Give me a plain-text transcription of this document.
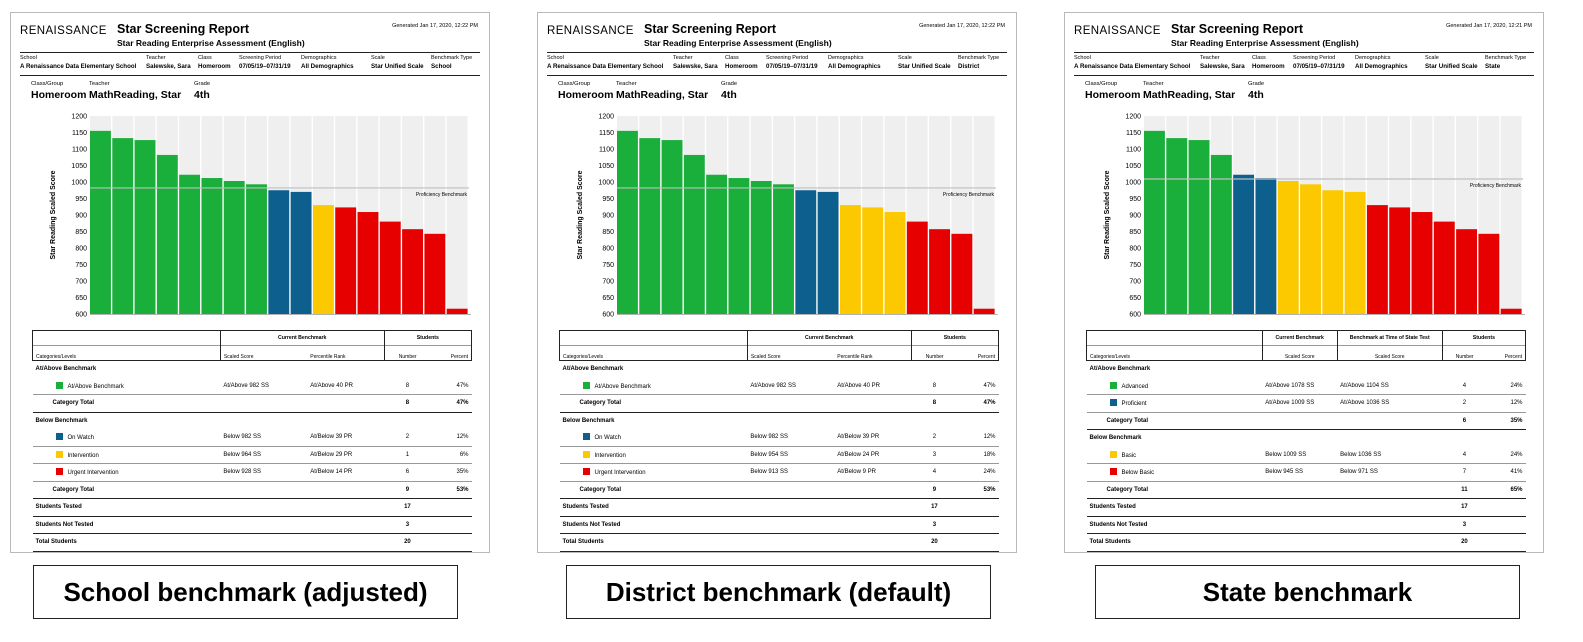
RENAISSANCE Star Screening Report
Star Reading Enterprise Assessment (English)
Generated Jan 17, 2020, 12:22 PM
School
A Renaissance Data Elementary School
Teacher
Salewske, Sara
Class
Homeroom
Screening Period
07/05/19–07/31/19
Demographics
All Demographics
Scale
Star Unified Scale
Benchmark Type
School
Class/Group
Homeroom
Teacher
MathReading, Star
Grade
4th
Proficiency Benchmark
600
650
700
750
800
850
900
950
1000
1050
1100
1150
1200
Star Reading Scaled Score
	Current Benchmark		Students	
Categories/Levels	Scaled Score	Percentile Rank	Number	Percent
At/Above Benchmark				
At/Above Benchmark	At/Above 982 SS	At/Above 40 PR	8	47%
Category Total			8	47%
Below Benchmark				
On Watch	Below 982 SS	At/Below 39 PR	2	12%
Intervention	Below 964 SS	At/Below 29 PR	1	6%
Urgent Intervention	Below 928 SS	At/Below 14 PR	6	35%
Category Total			9	53%
Students Tested			17	
Students Not Tested			3	
Total Students			20	
School benchmark (adjusted)
RENAISSANCE Star Screening Report
Star Reading Enterprise Assessment (English)
Generated Jan 17, 2020, 12:22 PM
School
A Renaissance Data Elementary School
Teacher
Salewske, Sara
Class
Homeroom
Screening Period
07/05/19–07/31/19
Demographics
All Demographics
Scale
Star Unified Scale
Benchmark Type
District
Class/Group
Homeroom
Teacher
MathReading, Star
Grade
4th
Proficiency Benchmark
600
650
700
750
800
850
900
950
1000
1050
1100
1150
1200
Star Reading Scaled Score
	Current Benchmark		Students	
Categories/Levels	Scaled Score	Percentile Rank	Number	Percent
At/Above Benchmark				
At/Above Benchmark	At/Above 982 SS	At/Above 40 PR	8	47%
Category Total			8	47%
Below Benchmark				
On Watch	Below 982 SS	At/Below 39 PR	2	12%
Intervention	Below 954 SS	At/Below 24 PR	3	18%
Urgent Intervention	Below 913 SS	At/Below 9 PR	4	24%
Category Total			9	53%
Students Tested			17	
Students Not Tested			3	
Total Students			20	
District benchmark (default)
RENAISSANCE Star Screening Report
Star Reading Enterprise Assessment (English)
Generated Jan 17, 2020, 12:21 PM
School
A Renaissance Data Elementary School
Teacher
Salewske, Sara
Class
Homeroom
Screening Period
07/05/19–07/31/19
Demographics
All Demographics
Scale
Star Unified Scale
Benchmark Type
State
Class/Group
Homeroom
Teacher
MathReading, Star
Grade
4th
Proficiency Benchmark
600
650
700
750
800
850
900
950
1000
1050
1100
1150
1200
Star Reading Scaled Score
	Current Benchmark	Benchmark at Time of State Test	Students	
Categories/Levels	Scaled Score	Scaled Score	Number	Percent
At/Above Benchmark				
Advanced	At/Above 1078 SS	At/Above 1104 SS	4	24%
Proficient	At/Above 1009 SS	At/Above 1036 SS	2	12%
Category Total			6	35%
Below Benchmark				
Basic	Below 1009 SS	Below 1036 SS	4	24%
Below Basic	Below 945 SS	Below 971 SS	7	41%
Category Total			11	65%
Students Tested			17	
Students Not Tested			3	
Total Students			20	
State benchmark
